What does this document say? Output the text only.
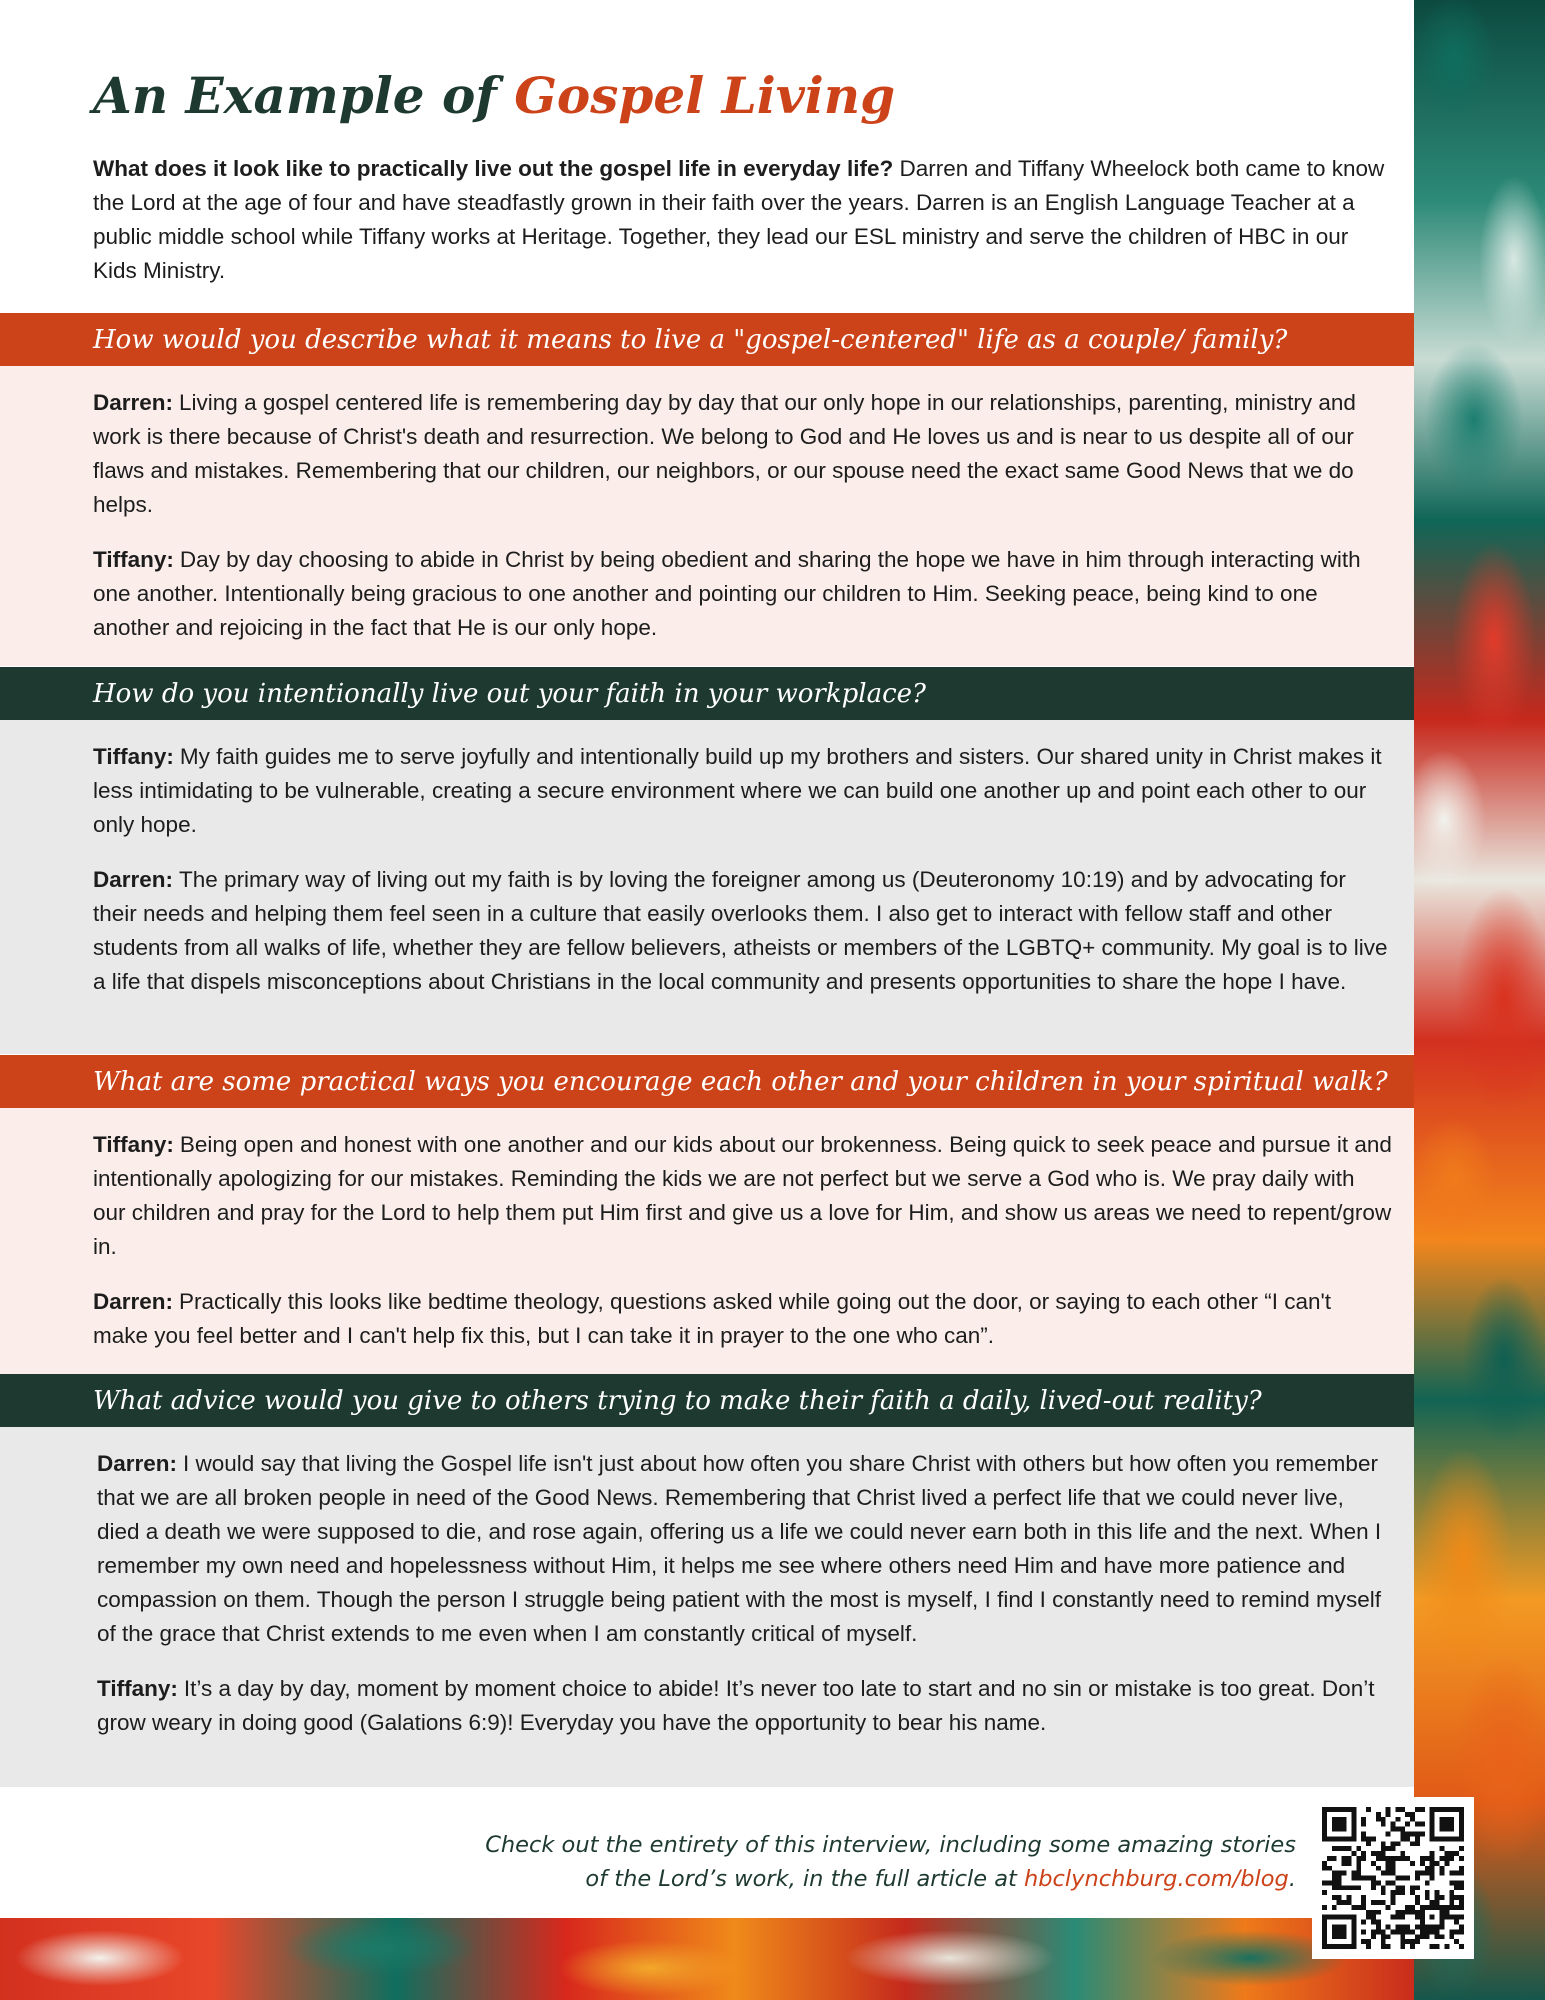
An Example of Gospel Living

What does it look like to practically live out the gospel life in everyday life? Darren and Tiffany Wheelock both came to know the Lord at the age of four and have steadfastly grown in their faith over the years. Darren is an English Language Teacher at a public middle school while Tiffany works at Heritage. Together, they lead our ESL ministry and serve the children of HBC in our Kids Ministry.

How would you describe what it means to live a "gospel-centered" life as a couple/ family?

Darren: Living a gospel centered life is remembering day by day that our only hope in our relationships, parenting, ministry and work is there because of Christ's death and resurrection. We belong to God and He loves us and is near to us despite all of our flaws and mistakes. Remembering that our children, our neighbors, or our spouse need the exact same Good News that we do helps.

Tiffany: Day by day choosing to abide in Christ by being obedient and sharing the hope we have in him through interacting with one another. Intentionally being gracious to one another and pointing our children to Him. Seeking peace, being kind to one another and rejoicing in the fact that He is our only hope.

How do you intentionally live out your faith in your workplace?

Tiffany: My faith guides me to serve joyfully and intentionally build up my brothers and sisters. Our shared unity in Christ makes it less intimidating to be vulnerable, creating a secure environment where we can build one another up and point each other to our only hope.

Darren: The primary way of living out my faith is by loving the foreigner among us (Deuteronomy 10:19) and by advocating for their needs and helping them feel seen in a culture that easily overlooks them. I also get to interact with fellow staff and other students from all walks of life, whether they are fellow believers, atheists or members of the LGBTQ+ community. My goal is to live a life that dispels misconceptions about Christians in the local community and presents opportunities to share the hope I have.

What are some practical ways you encourage each other and your children in your spiritual walk?

Tiffany: Being open and honest with one another and our kids about our brokenness. Being quick to seek peace and pursue it and intentionally apologizing for our mistakes. Reminding the kids we are not perfect but we serve a God who is. We pray daily with our children and pray for the Lord to help them put Him first and give us a love for Him, and show us areas we need to repent/grow in.

Darren: Practically this looks like bedtime theology, questions asked while going out the door, or saying to each other “I can't make you feel better and I can't help fix this, but I can take it in prayer to the one who can”.

What advice would you give to others trying to make their faith a daily, lived-out reality?

Darren: I would say that living the Gospel life isn't just about how often you share Christ with others but how often you remember that we are all broken people in need of the Good News. Remembering that Christ lived a perfect life that we could never live, died a death we were supposed to die, and rose again, offering us a life we could never earn both in this life and the next. When I remember my own need and hopelessness without Him, it helps me see where others need Him and have more patience and compassion on them. Though the person I struggle being patient with the most is myself, I find I constantly need to remind myself of the grace that Christ extends to me even when I am constantly critical of myself.

Tiffany: It’s a day by day, moment by moment choice to abide! It’s never too late to start and no sin or mistake is too great. Don’t grow weary in doing good (Galations 6:9)! Everyday you have the opportunity to bear his name.

Check out the entirety of this interview, including some amazing stories
of the Lord’s work, in the full article at hbclynchburg.com/blog.
